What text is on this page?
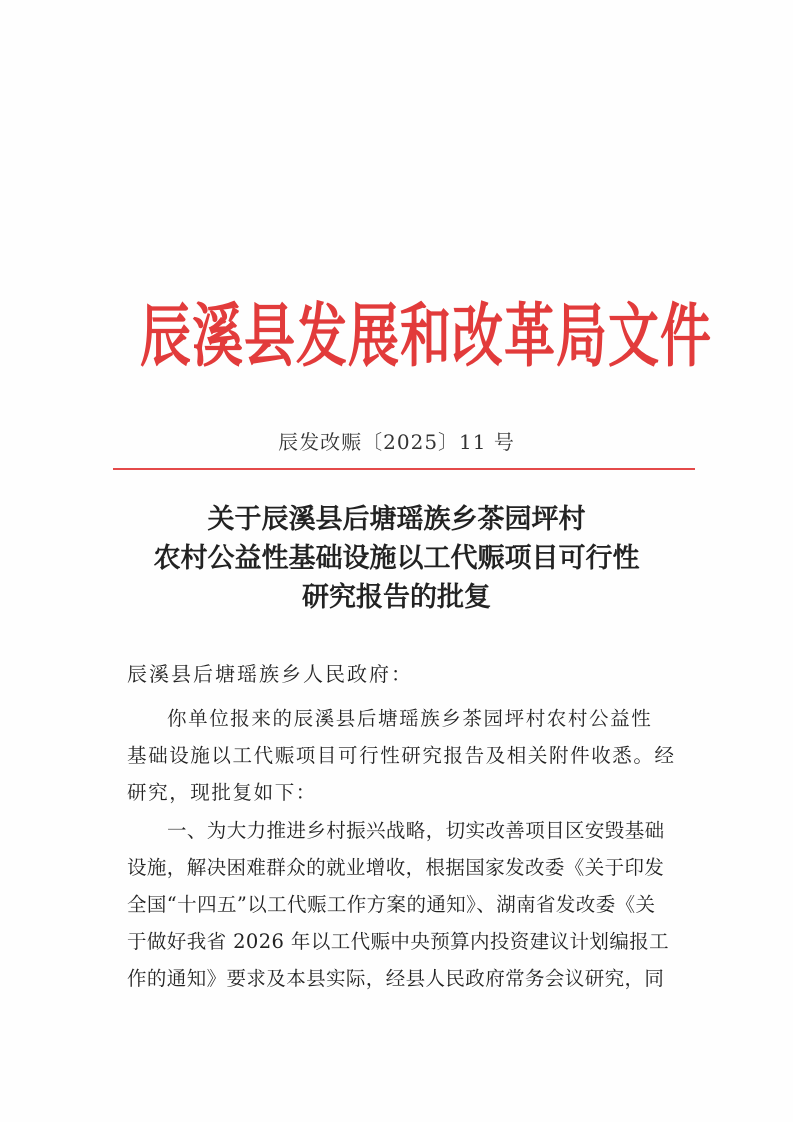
辰溪县发展和改革局文件
辰发改赈〔2025〕11 号
关于辰溪县后塘瑶族乡茶园坪村
农村公益性基础设施以工代赈项目可行性
研究报告的批复
辰溪县后塘瑶族乡人民政府：
你单位报来的辰溪县后塘瑶族乡茶园坪村农村公益性
基础设施以工代赈项目可行性研究报告及相关附件收悉。经
研究，现批复如下：
一、为大力推进乡村振兴战略，切实改善项目区安毁基础
设施，解决困难群众的就业增收，根据国家发改委《关于印发
全国“十四五”以工代赈工作方案的通知》、湖南省发改委《关
于做好我省 2026 年以工代赈中央预算内投资建议计划编报工
作的通知》要求及本县实际，经县人民政府常务会议研究，同
